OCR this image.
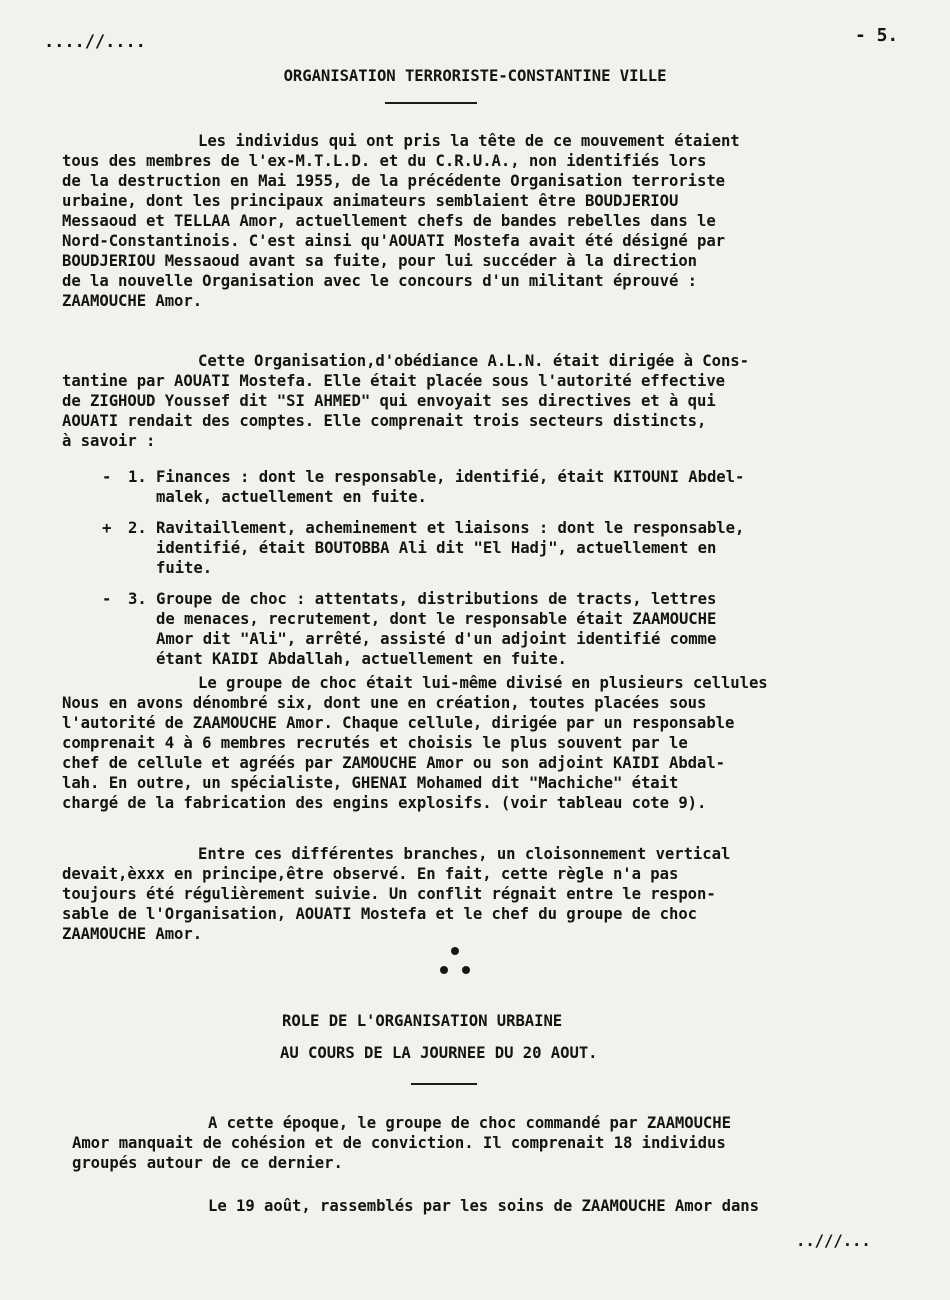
....//....	- 5.
ORGANISATION TERRORISTE-CONSTANTINE VILLE
Les individus qui ont pris la tête de ce mouvement étaient
tous des membres de l'ex-M.T.L.D. et du C.R.U.A., non identifiés lors
de la destruction en Mai 1955, de la précédente Organisation terroriste
urbaine, dont les principaux animateurs semblaient être BOUDJERIOU
Messaoud et TELLAA Amor, actuellement chefs de bandes rebelles dans le
Nord-Constantinois. C'est ainsi qu'AOUATI Mostefa avait été désigné par
BOUDJERIOU Messaoud avant sa fuite, pour lui succéder à la direction
de la nouvelle Organisation avec le concours d'un militant éprouvé :
ZAAMOUCHE Amor.
Cette Organisation,d'obédiance A.L.N. était dirigée à Cons-
tantine par AOUATI Mostefa. Elle était placée sous l'autorité effective
de ZIGHOUD Youssef dit "SI AHMED" qui envoyait ses directives et à qui
AOUATI rendait des comptes. Elle comprenait trois secteurs distincts,
à savoir :
- 1. Finances : dont le responsable, identifié, était KITOUNI Abdel-
malek, actuellement en fuite.
+ 2. Ravitaillement, acheminement et liaisons : dont le responsable,
identifié, était BOUTOBBA Ali dit "El Hadj", actuellement en
fuite.
- 3. Groupe de choc : attentats, distributions de tracts, lettres
de menaces, recrutement, dont le responsable était ZAAMOUCHE
Amor dit "Ali", arrêté, assisté d'un adjoint identifié comme
étant KAIDI Abdallah, actuellement en fuite.
Le groupe de choc était lui-même divisé en plusieurs cellules
Nous en avons dénombré six, dont une en création, toutes placées sous
l'autorité de ZAAMOUCHE Amor. Chaque cellule, dirigée par un responsable
comprenait 4 à 6 membres recrutés et choisis le plus souvent par le
chef de cellule et agréés par ZAMOUCHE Amor ou son adjoint KAIDI Abdal-
lah. En outre, un spécialiste, GHENAI Mohamed dit "Machiche" était
chargé de la fabrication des engins explosifs. (voir tableau cote 9).
Entre ces différentes branches, un cloisonnement vertical
devait,èxxx en principe,être observé. En fait, cette règle n'a pas
toujours été régulièrement suivie. Un conflit régnait entre le respon-
sable de l'Organisation, AOUATI Mostefa et le chef du groupe de choc
ZAAMOUCHE Amor.
ROLE DE L'ORGANISATION URBAINE
AU COURS DE LA JOURNEE DU 20 AOUT.
A cette époque, le groupe de choc commandé par ZAAMOUCHE
Amor manquait de cohésion et de conviction. Il comprenait 18 individus
groupés autour de ce dernier.
Le 19 août, rassemblés par les soins de ZAAMOUCHE Amor dans
..///...
